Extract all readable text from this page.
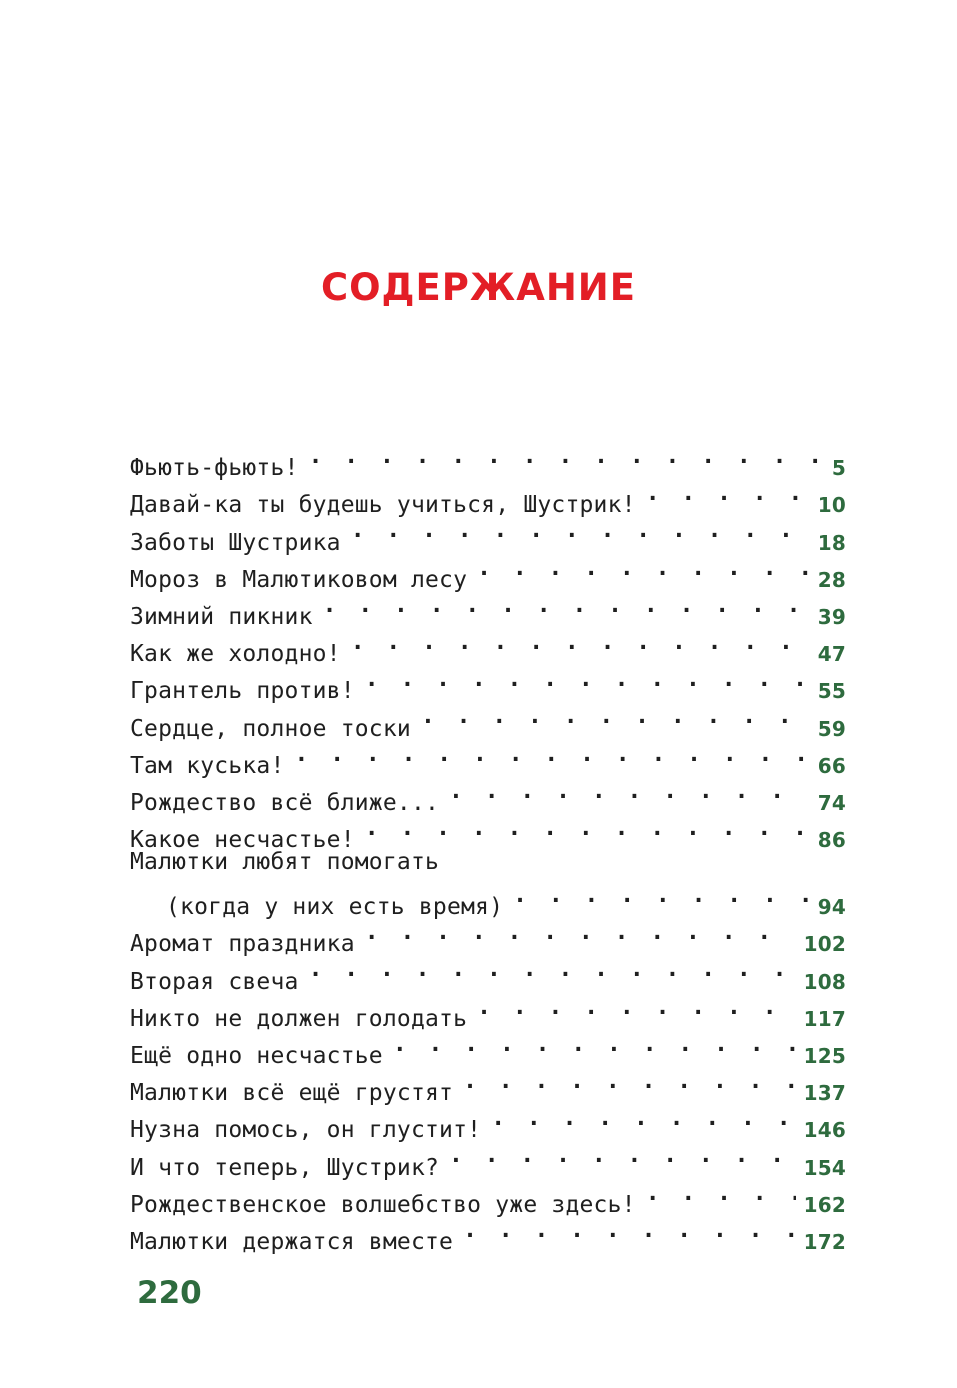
СОДЕРЖАНИЕ
Фьють-фьють! . . .	5
Давай-ка ты будешь учиться, Шустрик! . . .	10
Заботы Шустрика . . .	18
Мороз в Малютиковом лесу . . .	28
Зимний пикник . . .	39
Как же холодно! . . .	47
Грантель против! . . .	55
Сердце, полное тоски . . .	59
Там куська! . . .	66
Рождество всё ближе... . . .	74
Какое несчастье! . . .	86
Малютки любят помогать
(когда у них есть время) . . .	94
Аромат праздника . . .	102
Вторая свеча . . .	108
Никто не должен голодать . . .	117
Ещё одно несчастье . . .	125
Малютки всё ещё грустят . . .	137
Нузна помось, он глустит! . . .	146
И что теперь, Шустрик? . . .	154
Рождественское волшебство уже здесь! . . .	162
Малютки держатся вместе . . .	172
220
